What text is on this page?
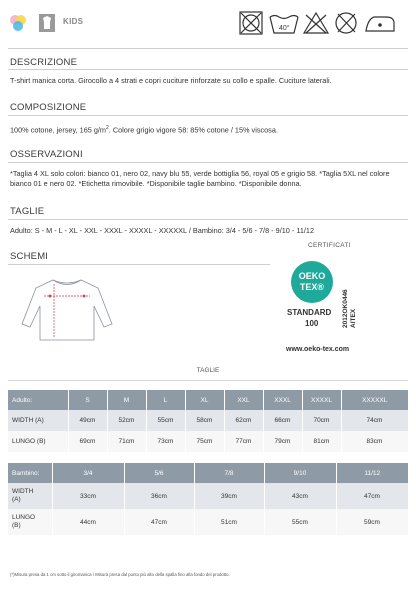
KIDS
40°
DESCRIZIONE
T-shirt manica corta. Girocollo a 4 strati e copri cuciture rinforzate su collo e spalle. Cuciture laterali.
COMPOSIZIONE
100% cotone, jersey, 165 $g/m^2$. Colore grigio vigore 58: 85% cotone / 15% viscosa.
OSSERVAZIONI
*Taglia 4 XL solo colori: bianco 01, nero 02, navy blu 55, verde bottiglia 56, royal 05 e grigio 58. *Taglia 5XL nel colore bianco 01 e nero 02. *Etichetta rimovibile. *Disponibile taglie bambino. *Disponibile donna.
TAGLIE
Adulto: S - M - L - XL - XXL - XXXL - XXXXL - XXXXXL / Bambino: 3/4 - 5/6 - 7/8 - 9/10 - 11/12
SCHEMI
CERTIFICATI
OEKO
TEX®
STANDARD
100	2012OK0446 AITEX
www.oeko-tex.com
TAGLIE
Adulto:	S	M	L	XL	XXL	XXXL	XXXXL	XXXXXL
WIDTH (A)	49cm	52cm	55cm	58cm	62cm	66cm	70cm	74cm
LUNGO (B)	69cm	71cm	73cm	75cm	77cm	79cm	81cm	83cm
Bambino:	3/4	5/6	7/8	9/10	11/12
WIDTH
(A)	33cm	36cm	39cm	43cm	47cm
LUNGO
(B)	44cm	47cm	51cm	55cm	59cm
(*)Misura presa da 1 cm sotto il giromanica / Misura presa dal punto più alto della spalla fino alla fondo del prodotto.
